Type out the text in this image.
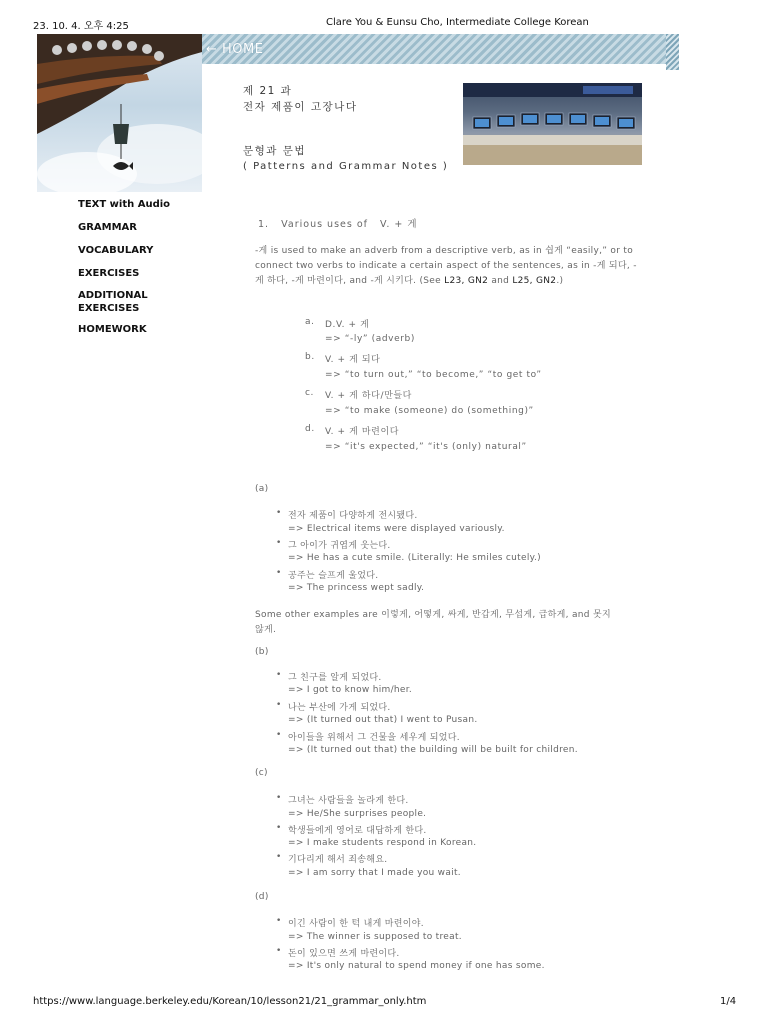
23. 10. 4. 오후 4:25	Clare You & Eunsu Cho, Intermediate College Korean
← HOME
제 21 과
전자 제품이 고장나다
문형과 문법
( Patterns and Grammar Notes )
TEXT with Audio
GRAMMAR
VOCABULARY
EXERCISES
ADDITIONAL EXERCISES
HOMEWORK
1.   Various uses of   V. + 게
-게 is used to make an adverb from a descriptive verb, as in 쉽게 “easily,” or to
connect two verbs to indicate a certain aspect of the sentences, as in -게 되다, -
게 하다, -게 마련이다, and -게 시키다. (See L23, GN2 and L25, GN2.)
a. D.V. + 게
=> “-ly” (adverb)
b. V. + 게 되다
=> “to turn out,” “to become,” “to get to”
c. V. + 게 하다/만들다
=> “to make (someone) do (something)”
d. V. + 게 마련이다
=> “it's expected,” “it's (only) natural”
(a)
• 전자 제품이 다양하게 전시됐다.
=> Electrical items were displayed variously.
• 그 아이가 귀엽게 웃는다.
=> He has a cute smile. (Literally: He smiles cutely.)
• 공주는 슬프게 울었다.
=> The princess wept sadly.
Some other examples are 이렇게, 어떻게, 싸게, 반갑게, 무섭게, 급하게, and 못지
않게.
(b)
• 그 친구를 알게 되었다.
=> I got to know him/her.
• 나는 부산에 가게 되었다.
=> (It turned out that) I went to Pusan.
• 아이들을 위해서 그 건물을 세우게 되었다.
=> (It turned out that) the building will be built for children.
(c)
• 그녀는 사람들을 놀라게 한다.
=> He/She surprises people.
• 학생들에게 영어로 대답하게 한다.
=> I make students respond in Korean.
• 기다리게 해서 죄송해요.
=> I am sorry that I made you wait.
(d)
• 이긴 사람이 한 턱 내게 마련이야.
=> The winner is supposed to treat.
• 돈이 있으면 쓰게 마련이다.
=> It's only natural to spend money if one has some.
https://www.language.berkeley.edu/Korean/10/lesson21/21_grammar_only.htm	1/4
